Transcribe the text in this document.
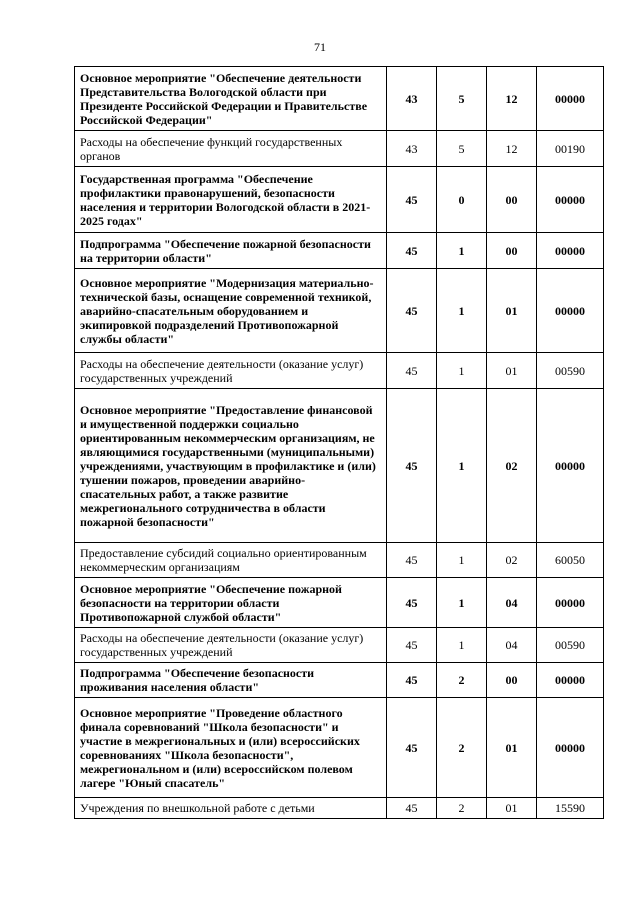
71
Основное мероприятие "Обеспечение деятельности Представительства Вологодской области при Президенте Российской Федерации и Правительстве Российской Федерации"	43	5	12	00000
Расходы на обеспечение функций государственных органов	43	5	12	00190
Государственная программа "Обеспечение профилактики правонарушений, безопасности населения и территории Вологодской области в 2021-2025 годах"	45	0	00	00000
Подпрограмма "Обеспечение пожарной безопасности на территории области"	45	1	00	00000
Основное мероприятие "Модернизация материально-технической базы, оснащение современной техникой, аварийно-спасательным оборудованием и экипировкой подразделений Противопожарной службы области"	45	1	01	00000
Расходы на обеспечение деятельности (оказание услуг) государственных учреждений	45	1	01	00590
Основное мероприятие "Предоставление финансовой и имущественной поддержки социально ориентированным некоммерческим организациям, не являющимися государственными (муниципальными) учреждениями, участвующим в профилактике и (или) тушении пожаров, проведении аварийно-спасательных работ, а также развитие межрегионального сотрудничества в области пожарной безопасности"	45	1	02	00000
Предоставление субсидий социально ориентированным некоммерческим организациям	45	1	02	60050
Основное мероприятие "Обеспечение пожарной безопасности на территории области Противопожарной службой области"	45	1	04	00000
Расходы на обеспечение деятельности (оказание услуг) государственных учреждений	45	1	04	00590
Подпрограмма "Обеспечение безопасности проживания населения области"	45	2	00	00000
Основное мероприятие "Проведение областного финала соревнований "Школа безопасности" и участие в межрегиональных и (или) всероссийских соревнованиях "Школа безопасности", межрегиональном и (или) всероссийском полевом лагере "Юный спасатель"	45	2	01	00000
Учреждения по внешкольной работе с детьми	45	2	01	15590
